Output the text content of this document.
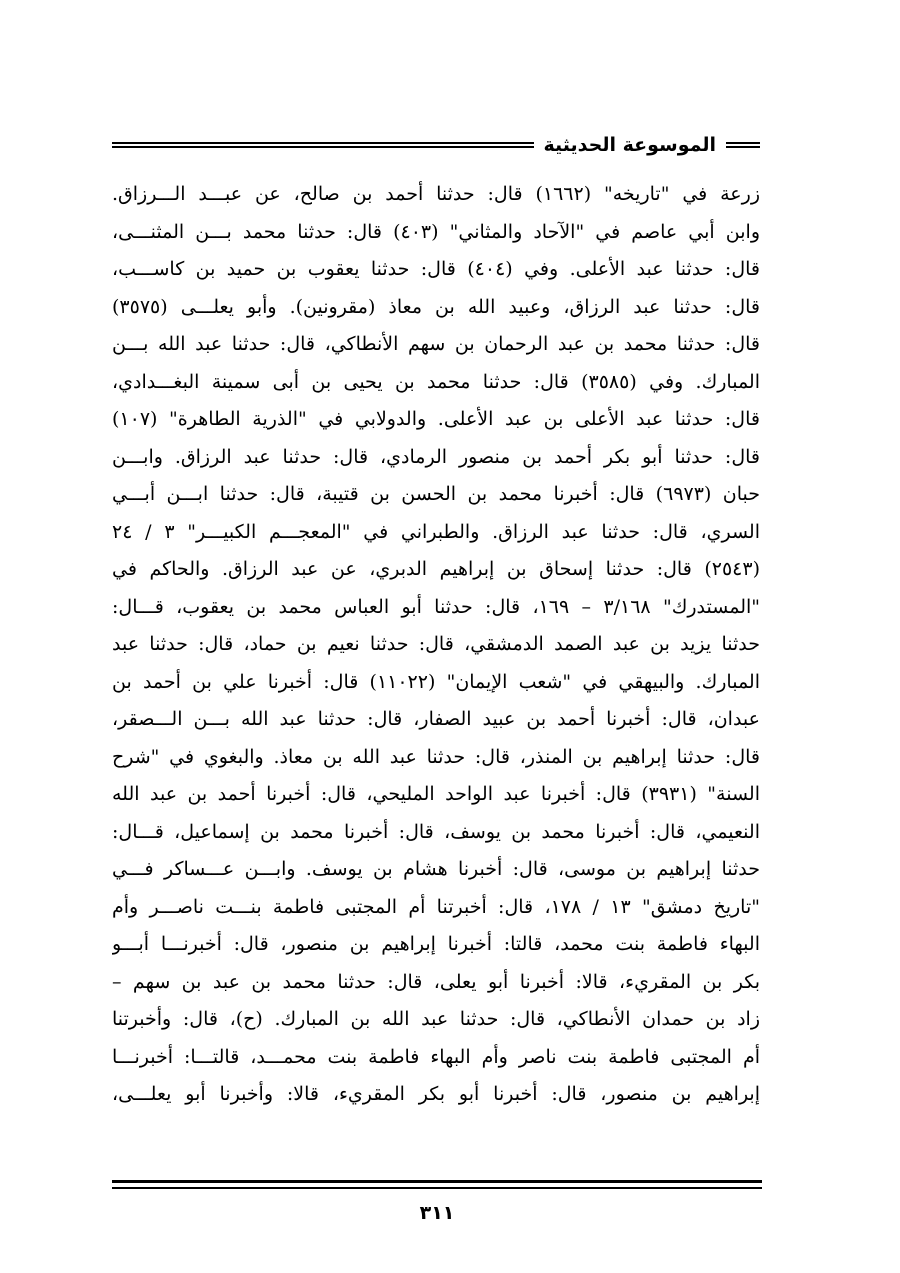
الموسوعة الحديثية
زرعة في "تاريخه" (١٦٦٢) قال: حدثنا أحمد بن صالح، عن عبـــد الـــرزاق.
وابن أبي عاصم في "الآحاد والمثاني" (٤٠٣) قال: حدثنا محمد بـــن المثنـــى،
قال: حدثنا عبد الأعلى. وفي (٤٠٤) قال: حدثنا يعقوب بن حميد بن كاســـب،
قال: حدثنا عبد الرزاق، وعبيد الله بن معاذ (مقرونين). وأبو يعلـــى (٣٥٧٥)
قال: حدثنا محمد بن عبد الرحمان بن سهم الأنطاكي، قال: حدثنا عبد الله بـــن
المبارك. وفي (٣٥٨٥) قال: حدثنا محمد بن يحيى بن أبى سمينة البغـــدادي،
قال: حدثنا عبد الأعلى بن عبد الأعلى. والدولابي في "الذرية الطاهرة" (١٠٧)
قال: حدثنا أبو بكر أحمد بن منصور الرمادي، قال: حدثنا عبد الرزاق. وابـــن
حبان (٦٩٧٣) قال: أخبرنا محمد بن الحسن بن قتيبة، قال: حدثنا ابـــن أبـــي
السري، قال: حدثنا عبد الرزاق. والطبراني في "المعجـــم الكبيـــر" ٣ / ٢٤
(٢٥٤٣) قال: حدثنا إسحاق بن إبراهيم الدبري، عن عبد الرزاق. والحاكم في
"المستدرك" ٣/١٦٨ – ١٦٩، قال: حدثنا أبو العباس محمد بن يعقوب، قـــال:
حدثنا يزيد بن عبد الصمد الدمشقي، قال: حدثنا نعيم بن حماد، قال: حدثنا عبد
المبارك. والبيهقي في "شعب الإيمان" (١١٠٢٢) قال: أخبرنا علي بن أحمد بن
عبدان، قال: أخبرنا أحمد بن عبيد الصفار، قال: حدثنا عبد الله بـــن الـــصقر،
قال: حدثنا إبراهيم بن المنذر، قال: حدثنا عبد الله بن معاذ. والبغوي في "شرح
السنة" (٣٩٣١) قال: أخبرنا عبد الواحد المليحي، قال: أخبرنا أحمد بن عبد الله
النعيمي، قال: أخبرنا محمد بن يوسف، قال: أخبرنا محمد بن إسماعيل، قـــال:
حدثنا إبراهيم بن موسى، قال: أخبرنا هشام بن يوسف. وابـــن عـــساكر فـــي
"تاريخ دمشق" ١٣ / ١٧٨، قال: أخبرتنا أم المجتبى فاطمة بنـــت ناصـــر وأم
البهاء فاطمة بنت محمد، قالتا: أخبرنا إبراهيم بن منصور، قال: أخبرنـــا أبـــو
بكر بن المقريء، قالا: أخبرنا أبو يعلى، قال: حدثنا محمد بن عبد بن سهم –
زاد بن حمدان الأنطاكي، قال: حدثنا عبد الله بن المبارك. (ح)، قال: وأخبرتنا
أم المجتبى فاطمة بنت ناصر وأم البهاء فاطمة بنت محمـــد، قالتـــا: أخبرنـــا
إبراهيم بن منصور، قال: أخبرنا أبو بكر المقريء، قالا: وأخبرنا أبو يعلـــى،
٣١١
